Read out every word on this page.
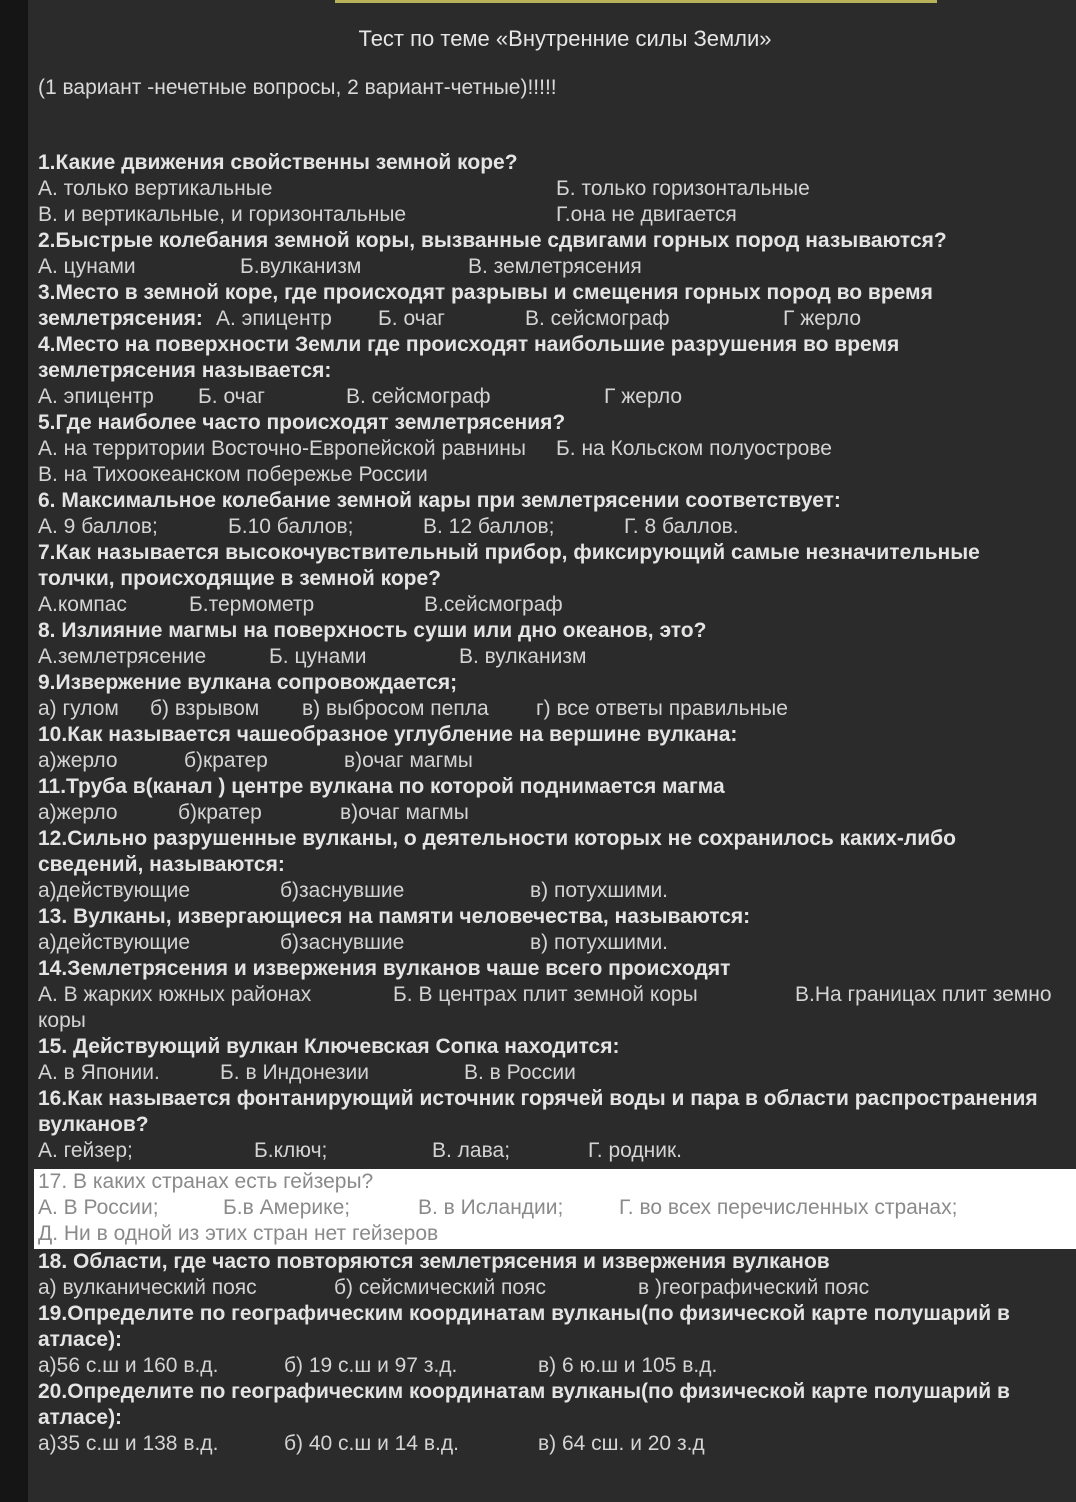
Тест по теме «Внутренние силы Земли»
(1 вариант -нечетные вопросы, 2 вариант-четные)!!!!!
1.Какие движения свойственны земной коре?
А. только вертикальные	Б. только горизонтальные
В. и вертикальные, и горизонтальные	Г.она не двигается
2.Быстрые колебания земной коры, вызванные сдвигами горных пород называются?
А. цунами	Б.вулканизм	В. землетрясения
3.Место в земной коре, где происходят разрывы и смещения горных пород во время
землетрясения: А. эпицентр Б. очаг	В. сейсмограф	Г жерло
4.Место на поверхности Земли где происходят наибольшие разрушения во время
землетрясения называется:
А. эпицентр Б. очаг	В. сейсмограф	Г жерло
5.Где наиболее часто происходят землетрясения?
А. на территории Восточно-Европейской равнины Б. на Кольском полуострове
В. на Тихоокеанском побережье России
6. Максимальное колебание земной кары при землетрясении соответствует:
А. 9 баллов;	Б.10 баллов;	В. 12 баллов;	Г. 8 баллов.
7.Как называется высокочувствительный прибор, фиксирующий самые незначительные
толчки, происходящие в земной коре?
А.компас	Б.термометр	В.сейсмограф
8. Излияние магмы на поверхность суши или дно океанов, это?
А.землетрясение	Б. цунами	В. вулканизм
9.Извержение вулкана сопровождается;
а) гулом б) взрывом в) выбросом пепла г) все ответы правильные
10.Как называется чашеобразное углубление на вершине вулкана:
а)жерло	б)кратер	в)очаг магмы
11.Труба в(канал ) центре вулкана по которой поднимается магма
а)жерло	б)кратер	в)очаг магмы
12.Сильно разрушенные вулканы, о деятельности которых не сохранилось каких-либо
сведений, называются:
а)действующие	б)заснувшие	в) потухшими.
13. Вулканы, извергающиеся на памяти человечества, называются:
а)действующие	б)заснувшие	в) потухшими.
14.Землетрясения и извержения вулканов чаше всего происходят
А. В жарких южных районах	Б. В центрах плит земной коры	В.На границах плит земно
коры
15. Действующий вулкан Ключевская Сопка находится:
А. в Японии.	Б. в Индонезии	В. в России
16.Как называется фонтанирующий источник горячей воды и пара в области распространения
вулканов?
А. гейзер;	Б.ключ;	В. лава;	Г. родник.
17. В каких странах есть гейзеры?
А. В России;	Б.в Америке;	В. в Исландии;	Г. во всех перечисленных странах;
Д. Ни в одной из этих стран нет гейзеров
18. Области, где часто повторяются землетрясения и извержения вулканов
а) вулканический пояс	б) сейсмический пояс	в )географический пояс
19.Определите по географическим координатам вулканы(по физической карте полушарий в
атласе):
а)56 с.ш и 160 в.д.	б) 19 с.ш и 97 з.д.	в) 6 ю.ш и 105 в.д.
20.Определите по географическим координатам вулканы(по физической карте полушарий в
атласе):
а)35 с.ш и 138 в.д.	б) 40 с.ш и 14 в.д.	в) 64 сш. и 20 з.д
